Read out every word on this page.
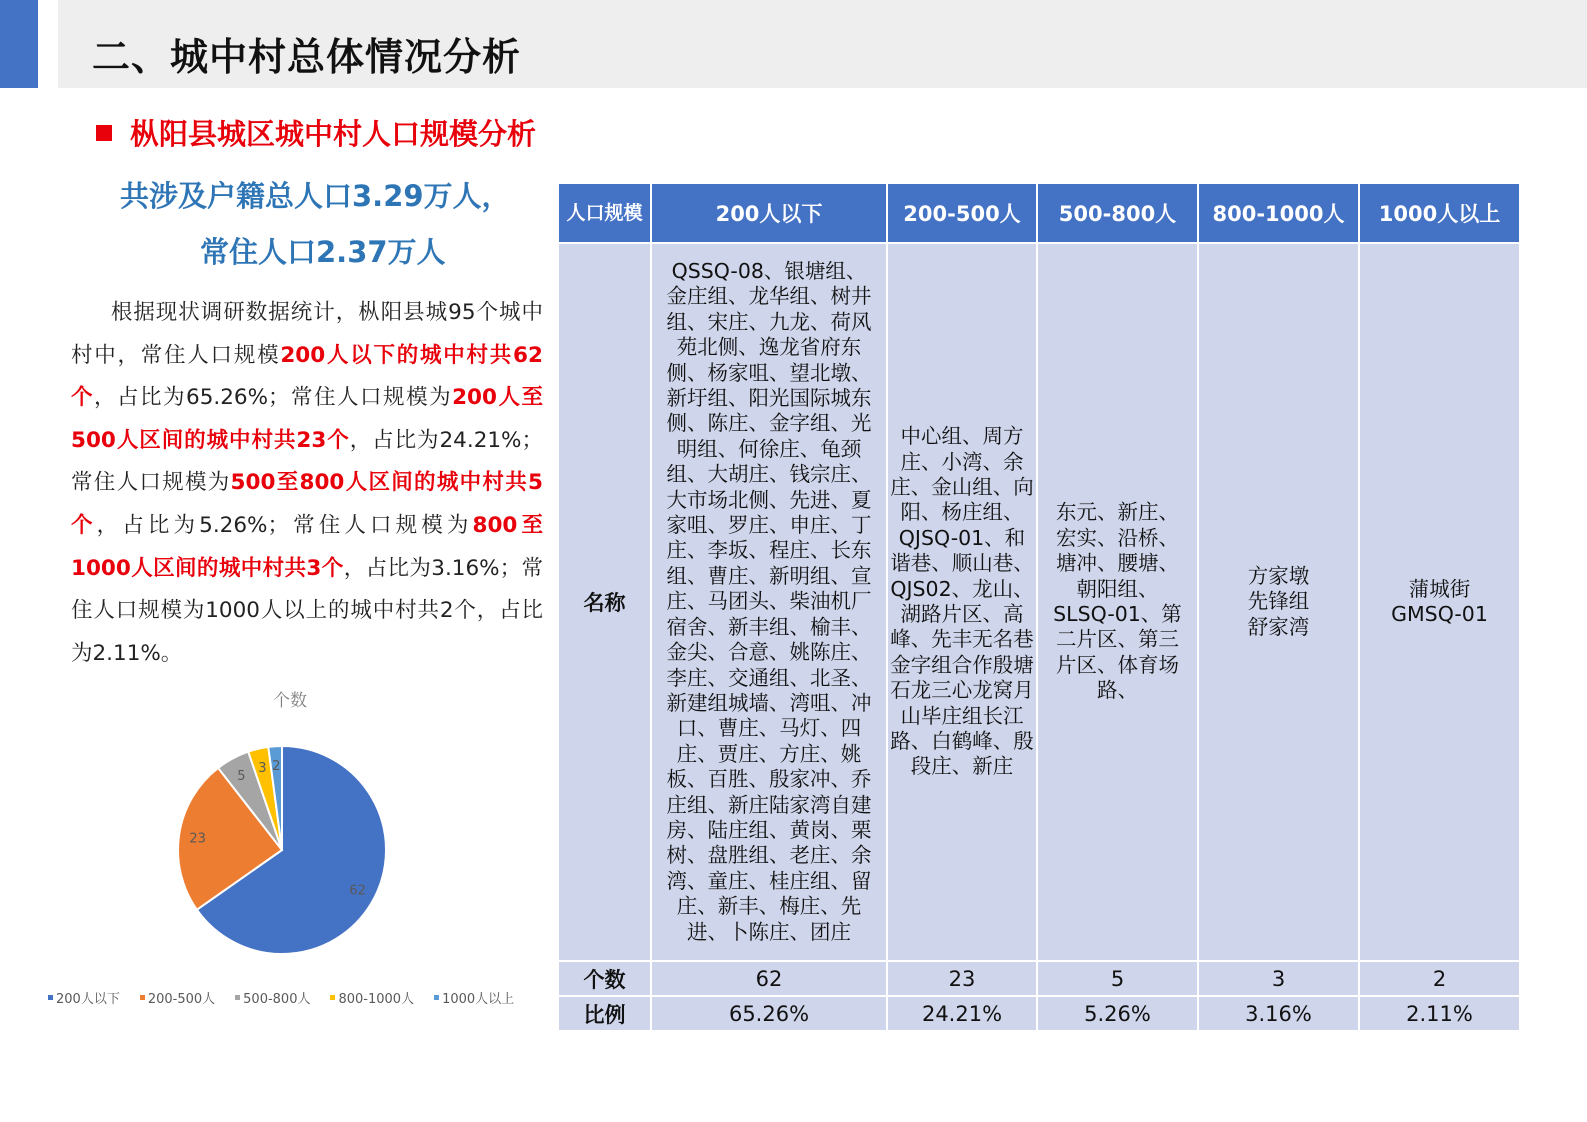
二、城中村总体情况分析
枞阳县城区城中村人口规模分析
共涉及户籍总人口3.29万人，
常住人口2.37万人
根据现状调研数据统计，枞阳县城95个城中村中，常住人口规模200人以下的城中村共62个，占比为65.26%；常住人口规模为200人至500人区间的城中村共23个，占比为24.21%；常住人口规模为500至800人区间的城中村共5个，占比为5.26%；常住人口规模为800至1000人区间的城中村共3个，占比为3.16%；常住人口规模为1000人以上的城中村共2个，占比为2.11%。
个数
62
23
5
3 2
200人以下 200-500人 500-800人 800-1000人 1000人以上
人口规模	200人以下	200-500人	500-800人	800-1000人	1000人以上
名称	QSSQ-08、银塘组、金庄组、龙华组、树井组、宋庄、九龙、荷风苑北侧、逸龙省府东侧、杨家咀、望北墩、新圩组、阳光国际城东侧、陈庄、金字组、光明组、何徐庄、龟颈组、大胡庄、钱宗庄、大市场北侧、先进、夏家咀、罗庄、申庄、丁庄、李坂、程庄、长东组、曹庄、新明组、宣庄、马团头、柴油机厂宿舍、新丰组、榆丰、金尖、合意、姚陈庄、李庄、交通组、北圣、新建组城墙、湾咀、冲口、曹庄、马灯、四庄、贾庄、方庄、姚板、百胜、殷家冲、乔庄组、新庄陆家湾自建房、陆庄组、黄岗、栗树、盘胜组、老庄、余湾、童庄、桂庄组、留庄、新丰、梅庄、先进、卜陈庄、团庄	中心组、周方庄、小湾、余庄、金山组、向阳、杨庄组、QJSQ-01、和谐巷、顺山巷、QJS02、龙山、湖路片区、高峰、先丰无名巷金字组合作殷塘石龙三心龙窝月山毕庄组长江路、白鹤峰、殷段庄、新庄	东元、新庄、宏实、沿桥、塘冲、腰塘、朝阳组、SLSQ-01、第二片区、第三片区、体育场路、	方家墩先锋组舒家湾	蒲城街GMSQ-01
个数	62	23	5	3	2
比例	65.26%	24.21%	5.26%	3.16%	2.11%
